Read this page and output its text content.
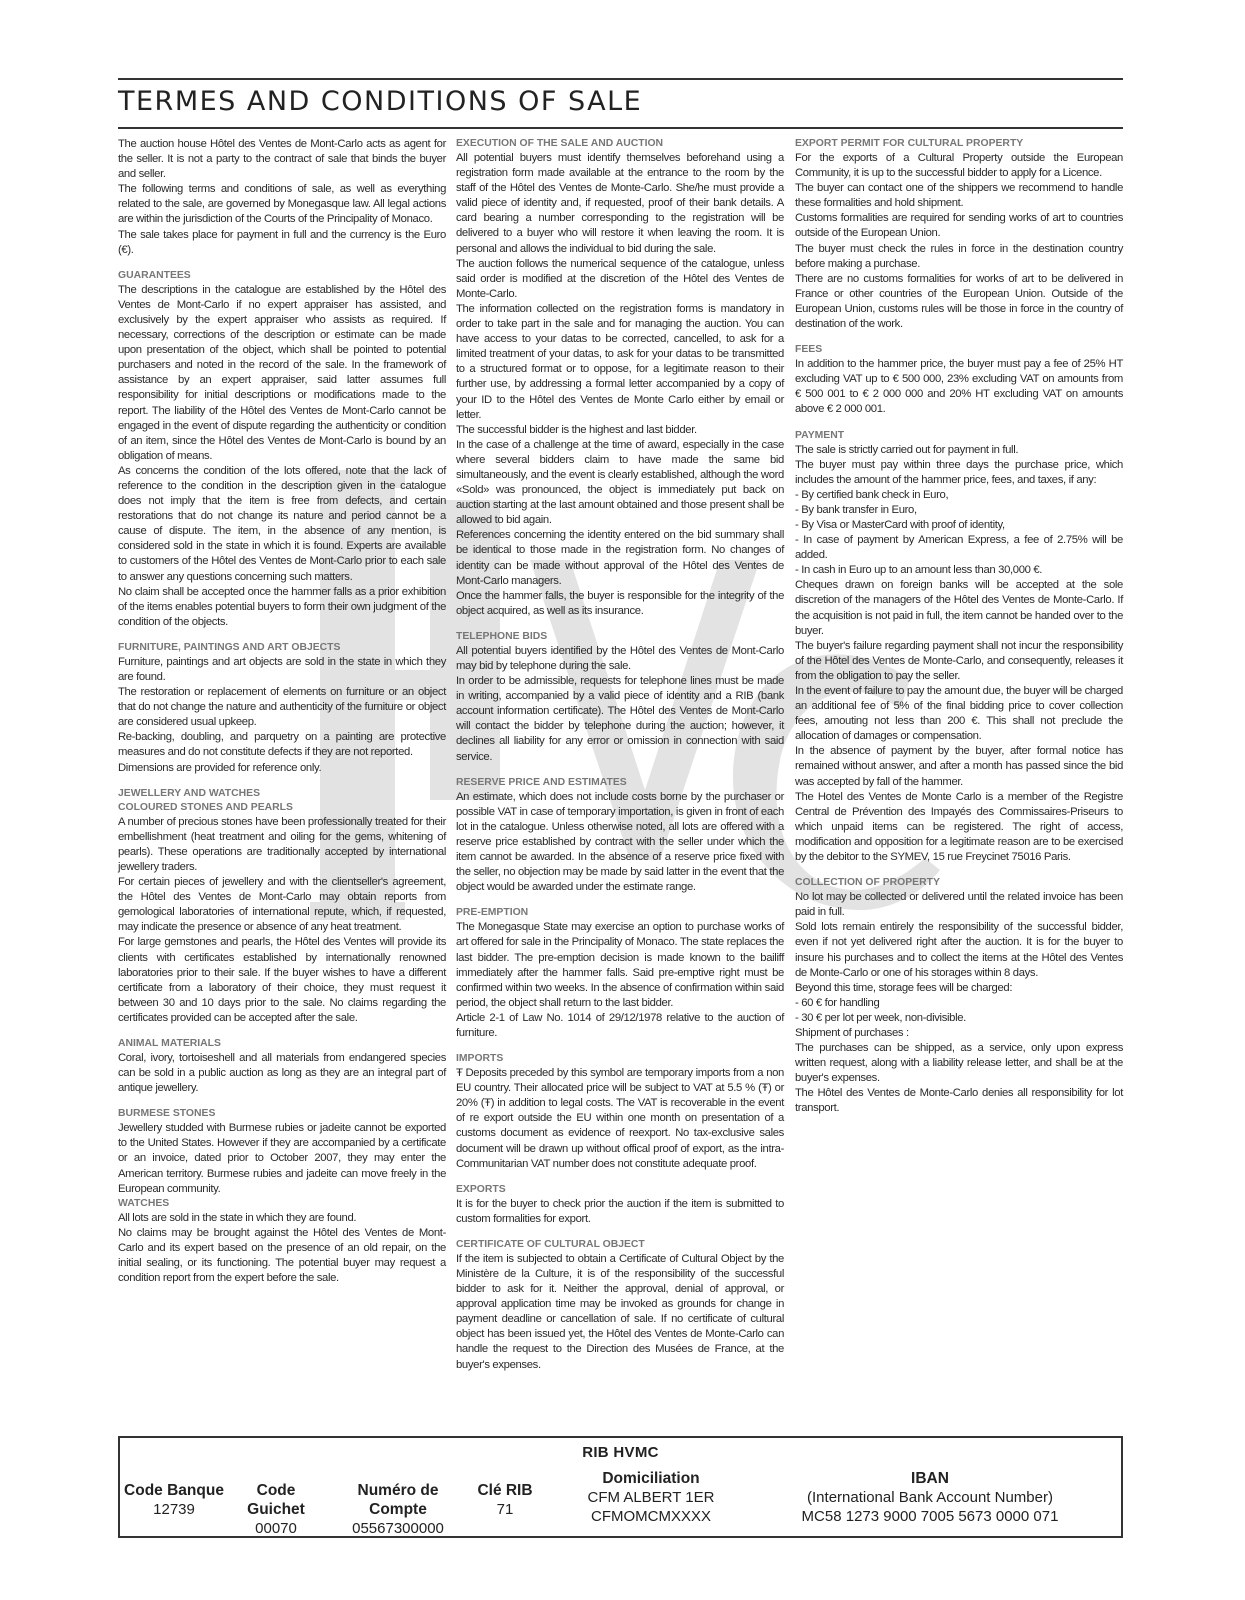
TERMES AND CONDITIONS OF SALE

The auction house Hôtel des Ventes de Mont-Carlo acts as agent for the seller. It is not a party to the contract of sale that binds the buyer and seller.

The following terms and conditions of sale, as well as everything related to the sale, are governed by Monegasque law. All legal actions are within the jurisdiction of the Courts of the Principality of Monaco.

The sale takes place for payment in full and the currency is the Euro (€).

GUARANTEES

The descriptions in the catalogue are established by the Hôtel des Ventes de Mont-Carlo if no expert appraiser has assisted, and exclusively by the expert appraiser who assists as required. If necessary, corrections of the description or estimate can be made upon presentation of the object, which shall be pointed to potential purchasers and noted in the record of the sale. In the framework of assistance by an expert appraiser, said latter assumes full responsibility for initial descriptions or modifications made to the report. The liability of the Hôtel des Ventes de Mont-Carlo cannot be engaged in the event of dispute regarding the authenticity or condition of an item, since the Hôtel des Ventes de Mont-Carlo is bound by an obligation of means.

As concerns the condition of the lots offered, note that the lack of reference to the condition in the description given in the catalogue does not imply that the item is free from defects, and certain restorations that do not change its nature and period cannot be a cause of dispute. The item, in the absence of any mention, is considered sold in the state in which it is found. Experts are available to customers of the Hôtel des Ventes de Mont-Carlo prior to each sale to answer any questions concerning such matters.

No claim shall be accepted once the hammer falls as a prior exhibition of the items enables potential buyers to form their own judgment of the condition of the objects.

FURNITURE, PAINTINGS AND ART OBJECTS

Furniture, paintings and art objects are sold in the state in which they are found.

The restoration or replacement of elements on furniture or an object that do not change the nature and authenticity of the furniture or object are considered usual upkeep.

Re-backing, doubling, and parquetry on a painting are protective measures and do not constitute defects if they are not reported.

Dimensions are provided for reference only.

JEWELLERY AND WATCHES
COLOURED STONES AND PEARLS

A number of precious stones have been professionally treated for their embellishment (heat treatment and oiling for the gems, whitening of pearls). These operations are traditionally accepted by international jewellery traders.

For certain pieces of jewellery and with the clientseller's agreement, the Hôtel des Ventes de Mont-Carlo may obtain reports from gemological laboratories of international repute, which, if requested, may indicate the presence or absence of any heat treatment.

For large gemstones and pearls, the Hôtel des Ventes will provide its clients with certificates established by internationally renowned laboratories prior to their sale. If the buyer wishes to have a different certificate from a laboratory of their choice, they must request it between 30 and 10 days prior to the sale. No claims regarding the certificates provided can be accepted after the sale.

ANIMAL MATERIALS

Coral, ivory, tortoiseshell and all materials from endangered species can be sold in a public auction as long as they are an integral part of antique jewellery.

BURMESE STONES

Jewellery studded with Burmese rubies or jadeite cannot be exported to the United States. However if they are accompanied by a certificate or an invoice, dated prior to October 2007, they may enter the American territory. Burmese rubies and jadeite can move freely in the European community.

WATCHES

All lots are sold in the state in which they are found.

No claims may be brought against the Hôtel des Ventes de Mont-Carlo and its expert based on the presence of an old repair, on the initial sealing, or its functioning. The potential buyer may request a condition report from the expert before the sale.

EXECUTION OF THE SALE AND AUCTION

All potential buyers must identify themselves beforehand using a registration form made available at the entrance to the room by the staff of the Hôtel des Ventes de Monte-Carlo. She/he must provide a valid piece of identity and, if requested, proof of their bank details. A card bearing a number corresponding to the registration will be delivered to a buyer who will restore it when leaving the room. It is personal and allows the individual to bid during the sale.

The auction follows the numerical sequence of the catalogue, unless said order is modified at the discretion of the Hôtel des Ventes de Monte-Carlo.

The information collected on the registration forms is mandatory in order to take part in the sale and for managing the auction. You can have access to your datas to be corrected, cancelled, to ask for a limited treatment of your datas, to ask for your datas to be transmitted to a structured format or to oppose, for a legitimate reason to their further use, by addressing a formal letter accompanied by a copy of your ID to the Hôtel des Ventes de Monte Carlo either by email or letter.

The successful bidder is the highest and last bidder.

In the case of a challenge at the time of award, especially in the case where several bidders claim to have made the same bid simultaneously, and the event is clearly established, although the word «Sold» was pronounced, the object is immediately put back on auction starting at the last amount obtained and those present shall be allowed to bid again.

References concerning the identity entered on the bid summary shall be identical to those made in the registration form. No changes of identity can be made without approval of the Hôtel des Ventes de Mont-Carlo managers.

Once the hammer falls, the buyer is responsible for the integrity of the object acquired, as well as its insurance.

TELEPHONE BIDS

All potential buyers identified by the Hôtel des Ventes de Mont-Carlo may bid by telephone during the sale.

In order to be admissible, requests for telephone lines must be made in writing, accompanied by a valid piece of identity and a RIB (bank account information certificate). The Hôtel des Ventes de Mont-Carlo will contact the bidder by telephone during the auction; however, it declines all liability for any error or omission in connection with said service.

RESERVE PRICE AND ESTIMATES

An estimate, which does not include costs borne by the purchaser or possible VAT in case of temporary importation, is given in front of each lot in the catalogue. Unless otherwise noted, all lots are offered with a reserve price established by contract with the seller under which the item cannot be awarded. In the absence of a reserve price fixed with the seller, no objection may be made by said latter in the event that the object would be awarded under the estimate range.

PRE-EMPTION

The Monegasque State may exercise an option to purchase works of art offered for sale in the Principality of Monaco. The state replaces the last bidder. The pre-emption decision is made known to the bailiff immediately after the hammer falls. Said pre-emptive right must be confirmed within two weeks. In the absence of confirmation within said period, the object shall return to the last bidder.

Article 2-1 of Law No. 1014 of 29/12/1978 relative to the auction of furniture.

IMPORTS

Ŧ Deposits preceded by this symbol are temporary imports from a non EU country. Their allocated price will be subject to VAT at 5.5 % (Ŧ) or 20% (Ŧ) in addition to legal costs. The VAT is recoverable in the event of re export outside the EU within one month on presentation of a customs document as evidence of reexport. No tax-exclusive sales document will be drawn up without offical proof of export, as the intra-Communitarian VAT number does not constitute adequate proof.

EXPORTS

It is for the buyer to check prior the auction if the item is submitted to custom formalities for export.

CERTIFICATE OF CULTURAL OBJECT

If the item is subjected to obtain a Certificate of Cultural Object by the Ministère de la Culture, it is of the responsibility of the successful bidder to ask for it. Neither the approval, denial of approval, or approval application time may be invoked as grounds for change in payment deadline or cancellation of sale. If no certificate of cultural object has been issued yet, the Hôtel des Ventes de Monte-Carlo can handle the request to the Direction des Musées de France, at the buyer's expenses.

EXPORT PERMIT FOR CULTURAL PROPERTY

For the exports of a Cultural Property outside the European Community, it is up to the successful bidder to apply for a Licence.

The buyer can contact one of the shippers we recommend to handle these formalities and hold shipment.

Customs formalities are required for sending works of art to countries outside of the European Union.

The buyer must check the rules in force in the destination country before making a purchase.

There are no customs formalities for works of art to be delivered in France or other countries of the European Union. Outside of the European Union, customs rules will be those in force in the country of destination of the work.

FEES

In addition to the hammer price, the buyer must pay a fee of 25% HT excluding VAT up to € 500 000, 23% excluding VAT on amounts from € 500 001 to € 2 000 000 and 20% HT excluding VAT on amounts above € 2 000 001.

PAYMENT

The sale is strictly carried out for payment in full.

The buyer must pay within three days the purchase price, which includes the amount of the hammer price, fees, and taxes, if any:

- By certified bank check in Euro,

- By bank transfer in Euro,

- By Visa or MasterCard with proof of identity,

- In case of payment by American Express, a fee of 2.75% will be added.

- In cash in Euro up to an amount less than 30,000 €.

Cheques drawn on foreign banks will be accepted at the sole discretion of the managers of the Hôtel des Ventes de Monte-Carlo. If the acquisition is not paid in full, the item cannot be handed over to the buyer.

The buyer's failure regarding payment shall not incur the responsibility of the Hôtel des Ventes de Monte-Carlo, and consequently, releases it from the obligation to pay the seller.

In the event of failure to pay the amount due, the buyer will be charged an additional fee of 5% of the final bidding price to cover collection fees, amouting not less than 200 €. This shall not preclude the allocation of damages or compensation.

In the absence of payment by the buyer, after formal notice has remained without answer, and after a month has passed since the bid was accepted by fall of the hammer.

The Hotel des Ventes de Monte Carlo is a member of the Registre Central de Prévention des Impayés des Commissaires-Priseurs to which unpaid items can be registered. The right of access, modification and opposition for a legitimate reason are to be exercised by the debitor to the SYMEV, 15 rue Freycinet 75016 Paris.

COLLECTION OF PROPERTY

No lot may be collected or delivered until the related invoice has been paid in full.

Sold lots remain entirely the responsibility of the successful bidder, even if not yet delivered right after the auction. It is for the buyer to insure his purchases and to collect the items at the Hôtel des Ventes de Monte-Carlo or one of his storages within 8 days.

Beyond this time, storage fees will be charged:

- 60 € for handling

- 30 € per lot per week, non-divisible.

Shipment of purchases :

The purchases can be shipped, as a service, only upon express written request, along with a liability release letter, and shall be at the buyer's expenses.

The Hôtel des Ventes de Monte-Carlo denies all responsibility for lot transport.

RIB HVMC
Code Banque
12739
Code Guichet
00070
Numéro de Compte
05567300000
Clé RIB
71
Domiciliation
CFM ALBERT 1ER
CFMOMCMXXXX
IBAN
(International Bank Account Number)
MC58 1273 9000 7005 5673 0000 071
